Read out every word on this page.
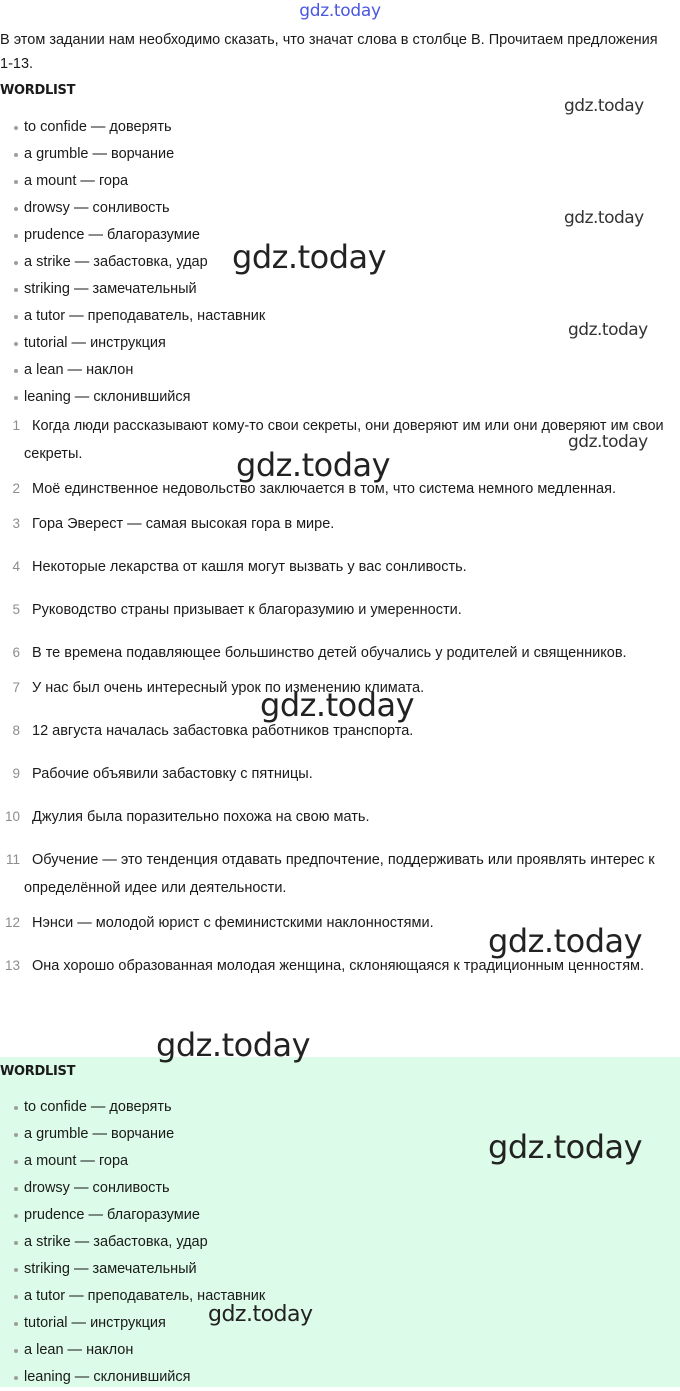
gdz.today

В этом задании нам необходимо сказать, что значат слова в столбце B. Прочитаем предложения 1-13.

WORDLIST
to confide — доверять
a grumble — ворчание
a mount — гора
drowsy — сонливость
prudence — благоразумие
a strike — забастовка, удар
striking — замечательный
a tutor — преподаватель, наставник
tutorial — инструкция
a lean — наклон
leaning — склонившийся
1 Когда люди рассказывают кому-то свои секреты, они доверяют им или они доверяют им свои секреты.
2 Моё единственное недовольство заключается в том, что система немного медленная.
3 Гора Эверест — самая высокая гора в мире.
4 Некоторые лекарства от кашля могут вызвать у вас сонливость.
5 Руководство страны призывает к благоразумию и умеренности.
6 В те времена подавляющее большинство детей обучались у родителей и священников.
7 У нас был очень интересный урок по изменению климата.
8 12 августа началась забастовка работников транспорта.
9 Рабочие объявили забастовку с пятницы.
10 Джулия была поразительно похожа на свою мать.
11 Обучение — это тенденция отдавать предпочтение, поддерживать или проявлять интерес к определённой идее или деятельности.
12 Нэнси — молодой юрист с феминистскими наклонностями.
13 Она хорошо образованная молодая женщина, склоняющаяся к традиционным ценностям.
WORDLIST
to confide — доверять
a grumble — ворчание
a mount — гора
drowsy — сонливость
prudence — благоразумие
a strike — забастовка, удар
striking — замечательный
a tutor — преподаватель, наставник
tutorial — инструкция
a lean — наклон
leaning — склонившийся
gdz.today
gdz.today
gdz.today
gdz.today
gdz.today
gdz.today
gdz.today
gdz.today
gdz.today
gdz.today
gdz.today
